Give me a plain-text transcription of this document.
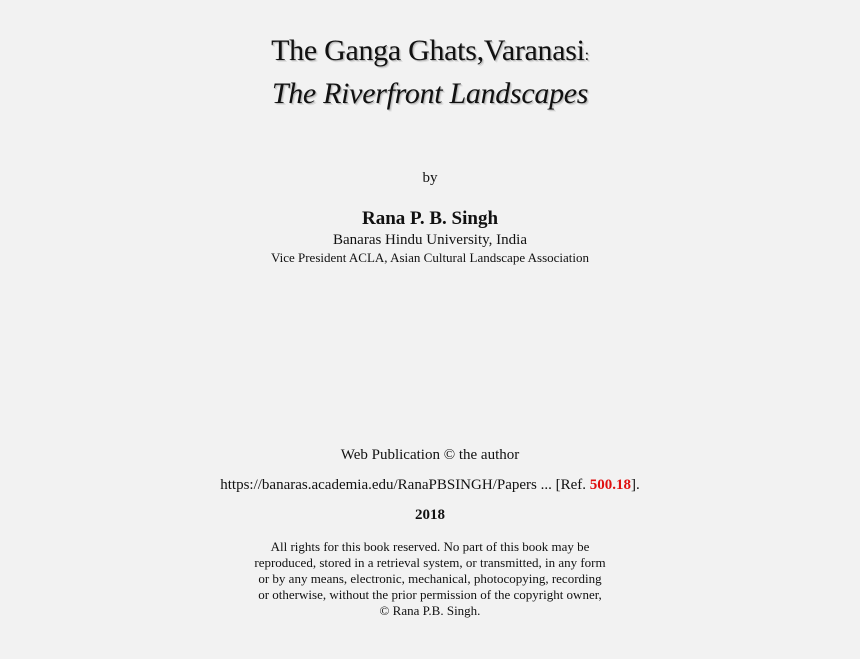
The Ganga Ghats,Varanasi:
The Riverfront Landscapes
by
Rana P. B. Singh
Banaras Hindu University, India
Vice President ACLA, Asian Cultural Landscape Association
Web Publication © the author
https://banaras.academia.edu/RanaPBSINGH/Papers ... [Ref. 500.18].
2018
All rights for this book reserved. No part of this book may be
reproduced, stored in a retrieval system, or transmitted, in any form
or by any means, electronic, mechanical, photocopying, recording
or otherwise, without the prior permission of the copyright owner,
© Rana P.B. Singh.
